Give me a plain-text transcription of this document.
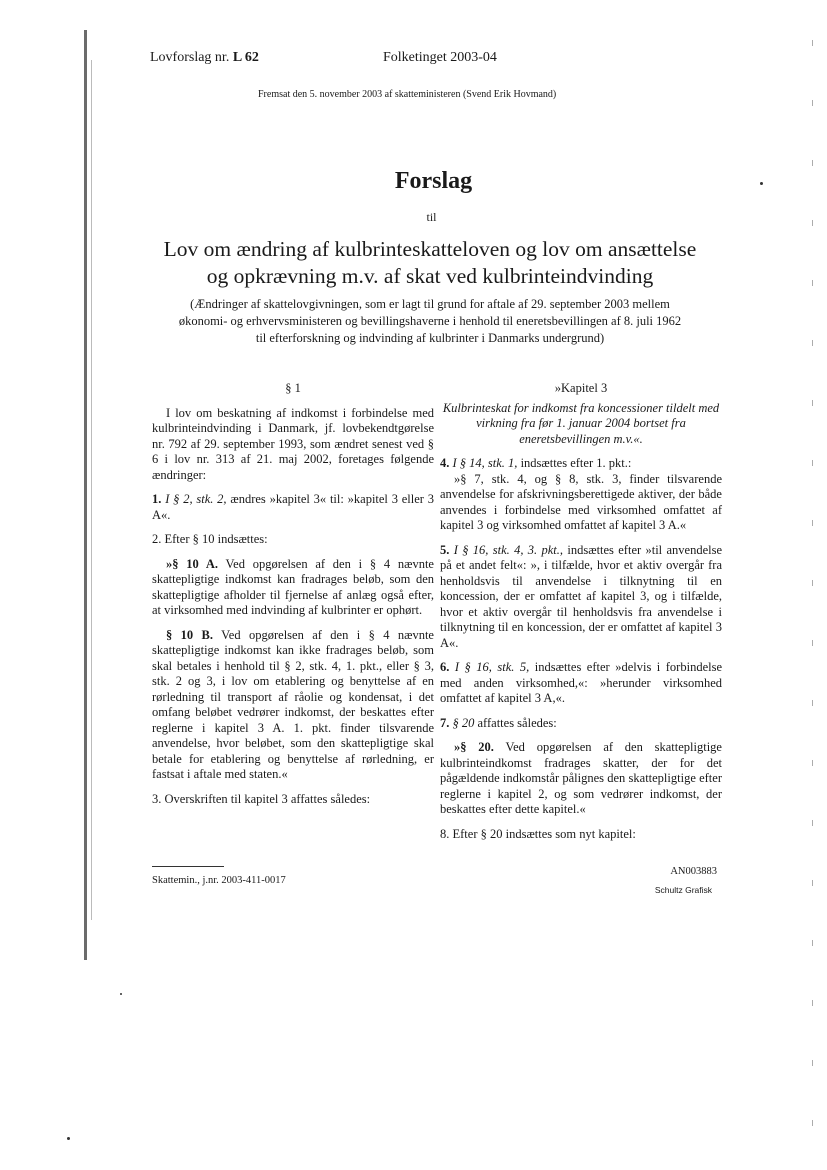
Lovforslag nr. L 62	Folketinget 2003-04
Fremsat den 5. november 2003 af skatteministeren (Svend Erik Hovmand)
Forslag
til
Lov om ændring af kulbrinteskatteloven og lov om ansættelse
og opkrævning m.v. af skat ved kulbrinteindvinding
(Ændringer af skattelovgivningen, som er lagt til grund for aftale af 29. september 2003 mellem
økonomi- og erhvervsministeren og bevillingshaverne i henhold til eneretsbevillingen af 8. juli 1962
til efterforskning og indvinding af kulbrinter i Danmarks undergrund)

§ 1

I lov om beskatning af indkomst i forbindelse med kulbrinteindvinding i Danmark, jf. lovbekendtgørelse nr. 792 af 29. september 1993, som ændret senest ved § 6 i lov nr. 313 af 21. maj 2002, foretages følgende ændringer:

1. I § 2, stk. 2, ændres »kapitel 3« til: »kapitel 3 eller 3 A«.

2. Efter § 10 indsættes:

»§ 10 A. Ved opgørelsen af den i § 4 nævnte skattepligtige indkomst kan fradrages beløb, som den skattepligtige afholder til fjernelse af anlæg også efter, at virksomhed med indvinding af kulbrinter er ophørt.

§ 10 B. Ved opgørelsen af den i § 4 nævnte skattepligtige indkomst kan ikke fradrages beløb, som skal betales i henhold til § 2, stk. 4, 1. pkt., eller § 3, stk. 2 og 3, i lov om etablering og benyttelse af en rørledning til transport af råolie og kondensat, i det omfang beløbet vedrører indkomst, der beskattes efter reglerne i kapitel 3 A. 1. pkt. finder tilsvarende anvendelse, hvor beløbet, som den skattepligtige skal betale for etablering og benyttelse af rørledning, er fastsat i aftale med staten.«

3. Overskriften til kapitel 3 affattes således:

»Kapitel 3

Kulbrinteskat for indkomst fra koncessioner tildelt med virkning fra før 1. januar 2004 bortset fra eneretsbevillingen m.v.«.

4. I § 14, stk. 1, indsættes efter 1. pkt.:

»§ 7, stk. 4, og § 8, stk. 3, finder tilsvarende anvendelse for afskrivningsberettigede aktiver, der både anvendes i forbindelse med virksomhed omfattet af kapitel 3 og virksomhed omfattet af kapitel 3 A.«

5. I § 16, stk. 4, 3. pkt., indsættes efter »til anvendelse på et andet felt«: », i tilfælde, hvor et aktiv overgår fra henholdsvis til anvendelse i tilknytning til en koncession, der er omfattet af kapitel 3, og i tilfælde, hvor et aktiv overgår til henholdsvis fra anvendelse i tilknytning til en koncession, der er omfattet af kapitel 3 A«.

6. I § 16, stk. 5, indsættes efter »delvis i forbindelse med anden virksomhed,«: »herunder virksomhed omfattet af kapitel 3 A,«.

7. § 20 affattes således:

»§ 20. Ved opgørelsen af den skattepligtige kulbrinteindkomst fradrages skatter, der for det pågældende indkomstår pålignes den skattepligtige efter reglerne i kapitel 2, og som vedrører indkomst, der beskattes efter dette kapitel.«

8. Efter § 20 indsættes som nyt kapitel:

Skattemin., j.nr. 2003-411-0017
AN003883
Schultz Grafisk
